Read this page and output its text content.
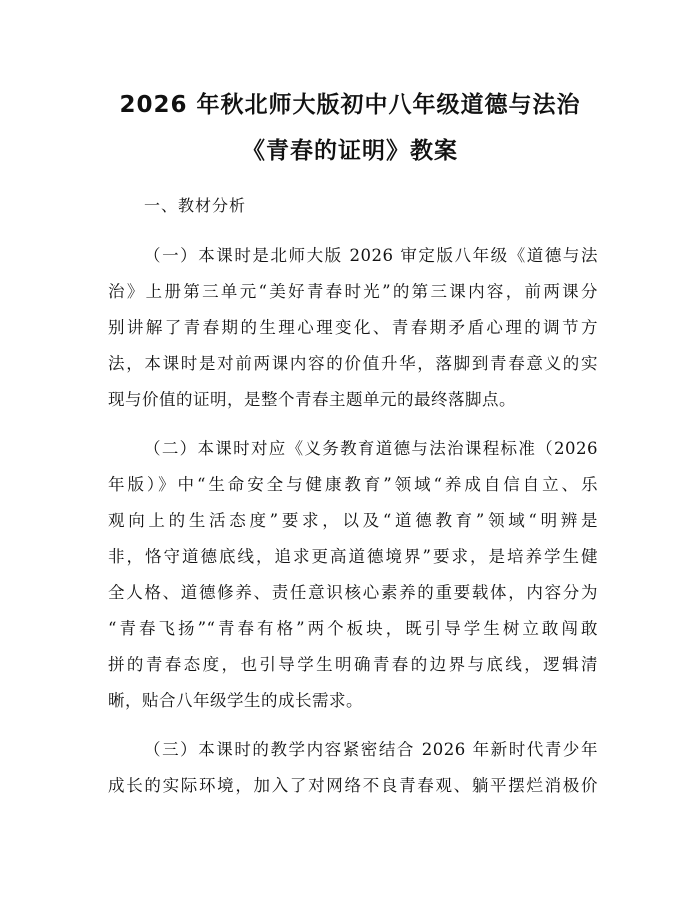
2026 年秋北师大版初中八年级道德与法治
《青春的证明》教案
一、教材分析
（一）本课时是北师大版 2026 审定版八年级《道德与法
治》上册第三单元“美好青春时光”的第三课内容，前两课分
别讲解了青春期的生理心理变化、青春期矛盾心理的调节方
法，本课时是对前两课内容的价值升华，落脚到青春意义的实
现与价值的证明，是整个青春主题单元的最终落脚点。
（二）本课时对应《义务教育道德与法治课程标准（2026
年版）》中“生命安全与健康教育”领域“养成自信自立、乐
观向上的生活态度”要求，以及“道德教育”领域“明辨是
非，恪守道德底线，追求更高道德境界”要求，是培养学生健
全人格、道德修养、责任意识核心素养的重要载体，内容分为
“青春飞扬”“青春有格”两个板块，既引导学生树立敢闯敢
拼的青春态度，也引导学生明确青春的边界与底线，逻辑清
晰，贴合八年级学生的成长需求。
（三）本课时的教学内容紧密结合 2026 年新时代青少年
成长的实际环境，加入了对网络不良青春观、躺平摆烂消极价
